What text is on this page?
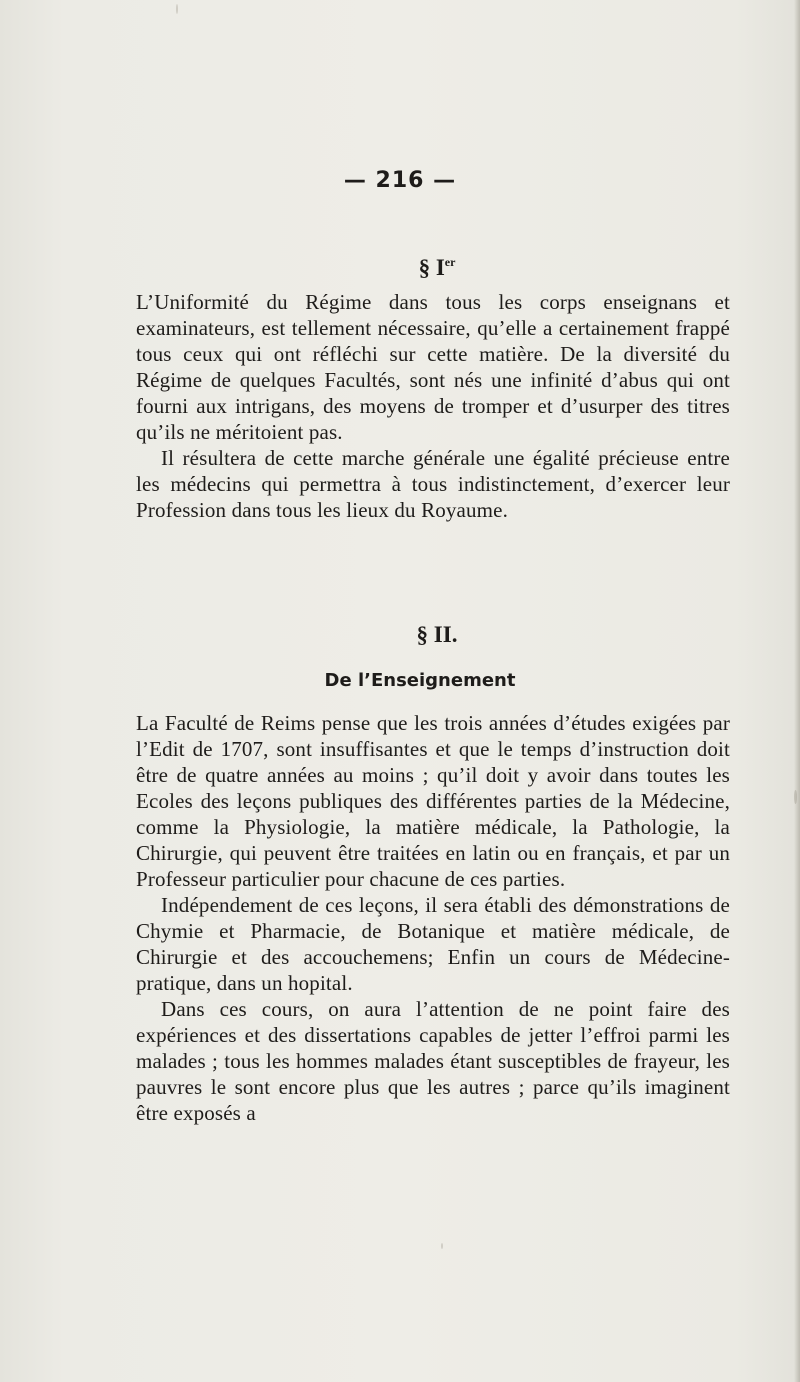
— 216 —
§ Ier

L’Uniformité du Régime dans tous les corps enseignans et examinateurs, est tellement nécessaire, qu’elle a certainement frappé tous ceux qui ont réfléchi sur cette matière. De la diversité du Régime de quelques Facultés, sont nés une infinité d’abus qui ont fourni aux intrigans, des moyens de tromper et d’usurper des titres qu’ils ne méritoient pas.

Il résultera de cette marche générale une égalité précieuse entre les médecins qui permettra à tous indistinctement, d’exercer leur Profession dans tous les lieux du Royaume.

§ II.
De l’Enseignement

La Faculté de Reims pense que les trois années d’études exigées par l’Edit de 1707, sont insuffisantes et que le temps d’instruction doit être de quatre années au moins ; qu’il doit y avoir dans toutes les Ecoles des leçons publiques des différentes parties de la Médecine, comme la Physiologie, la matière médicale, la Pathologie, la Chirurgie, qui peuvent être traitées en latin ou en français, et par un Professeur particulier pour chacune de ces parties.

Indépendement de ces leçons, il sera établi des démonstrations de Chymie et Pharmacie, de Botanique et matière médicale, de Chirurgie et des accouchemens; Enfin un cours de Médecine-pratique, dans un hopital.

Dans ces cours, on aura l’attention de ne point faire des expériences et des dissertations capables de jetter l’effroi parmi les malades ; tous les hommes malades étant susceptibles de frayeur, les pauvres le sont encore plus que les autres ; parce qu’ils imaginent être exposés a
